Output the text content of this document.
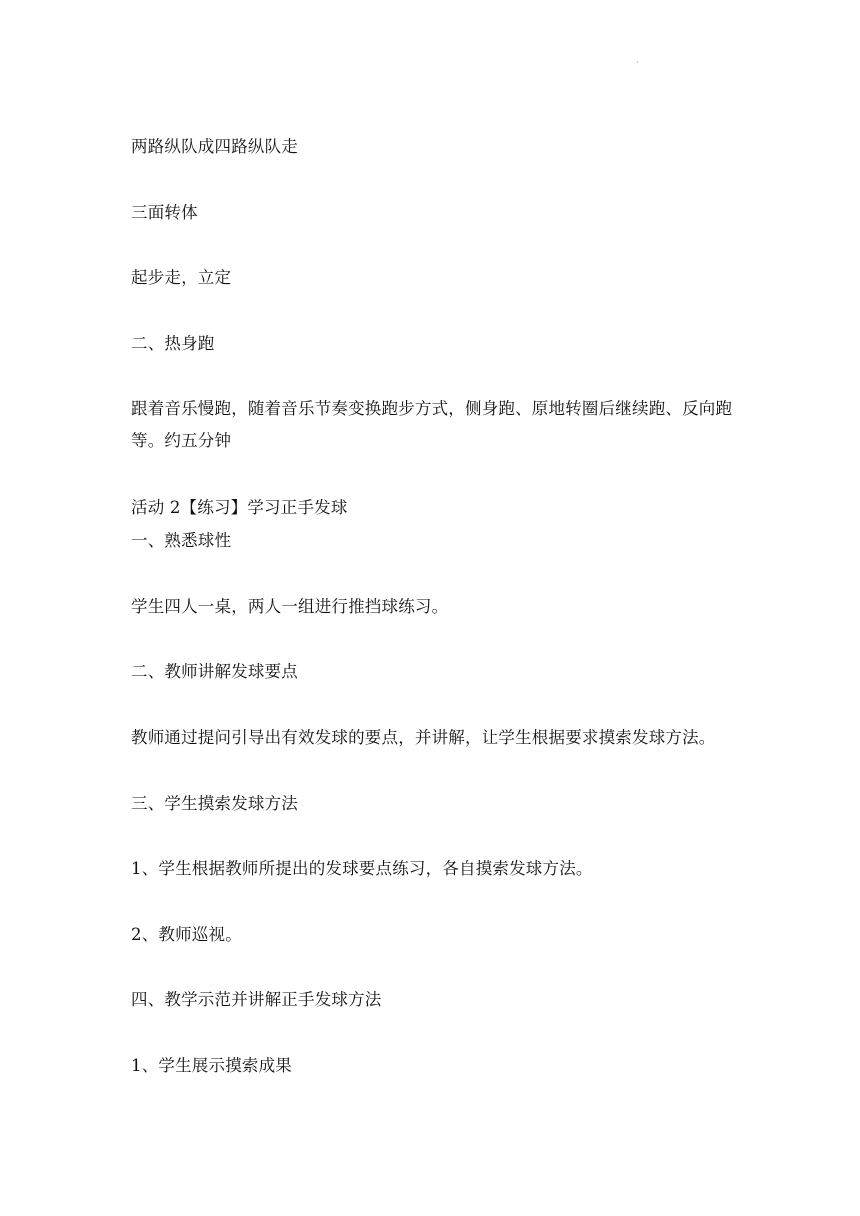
·
两路纵队成四路纵队走
三面转体
起步走，立定
二、热身跑
跟着音乐慢跑，随着音乐节奏变换跑步方式，侧身跑、原地转圈后继续跑、反向跑等。约五分钟
活动 2【练习】学习正手发球
一、熟悉球性
学生四人一桌，两人一组进行推挡球练习。
二、教师讲解发球要点
教师通过提问引导出有效发球的要点，并讲解，让学生根据要求摸索发球方法。
三、学生摸索发球方法
1、学生根据教师所提出的发球要点练习，各自摸索发球方法。
2、教师巡视。
四、教学示范并讲解正手发球方法
1、学生展示摸索成果
